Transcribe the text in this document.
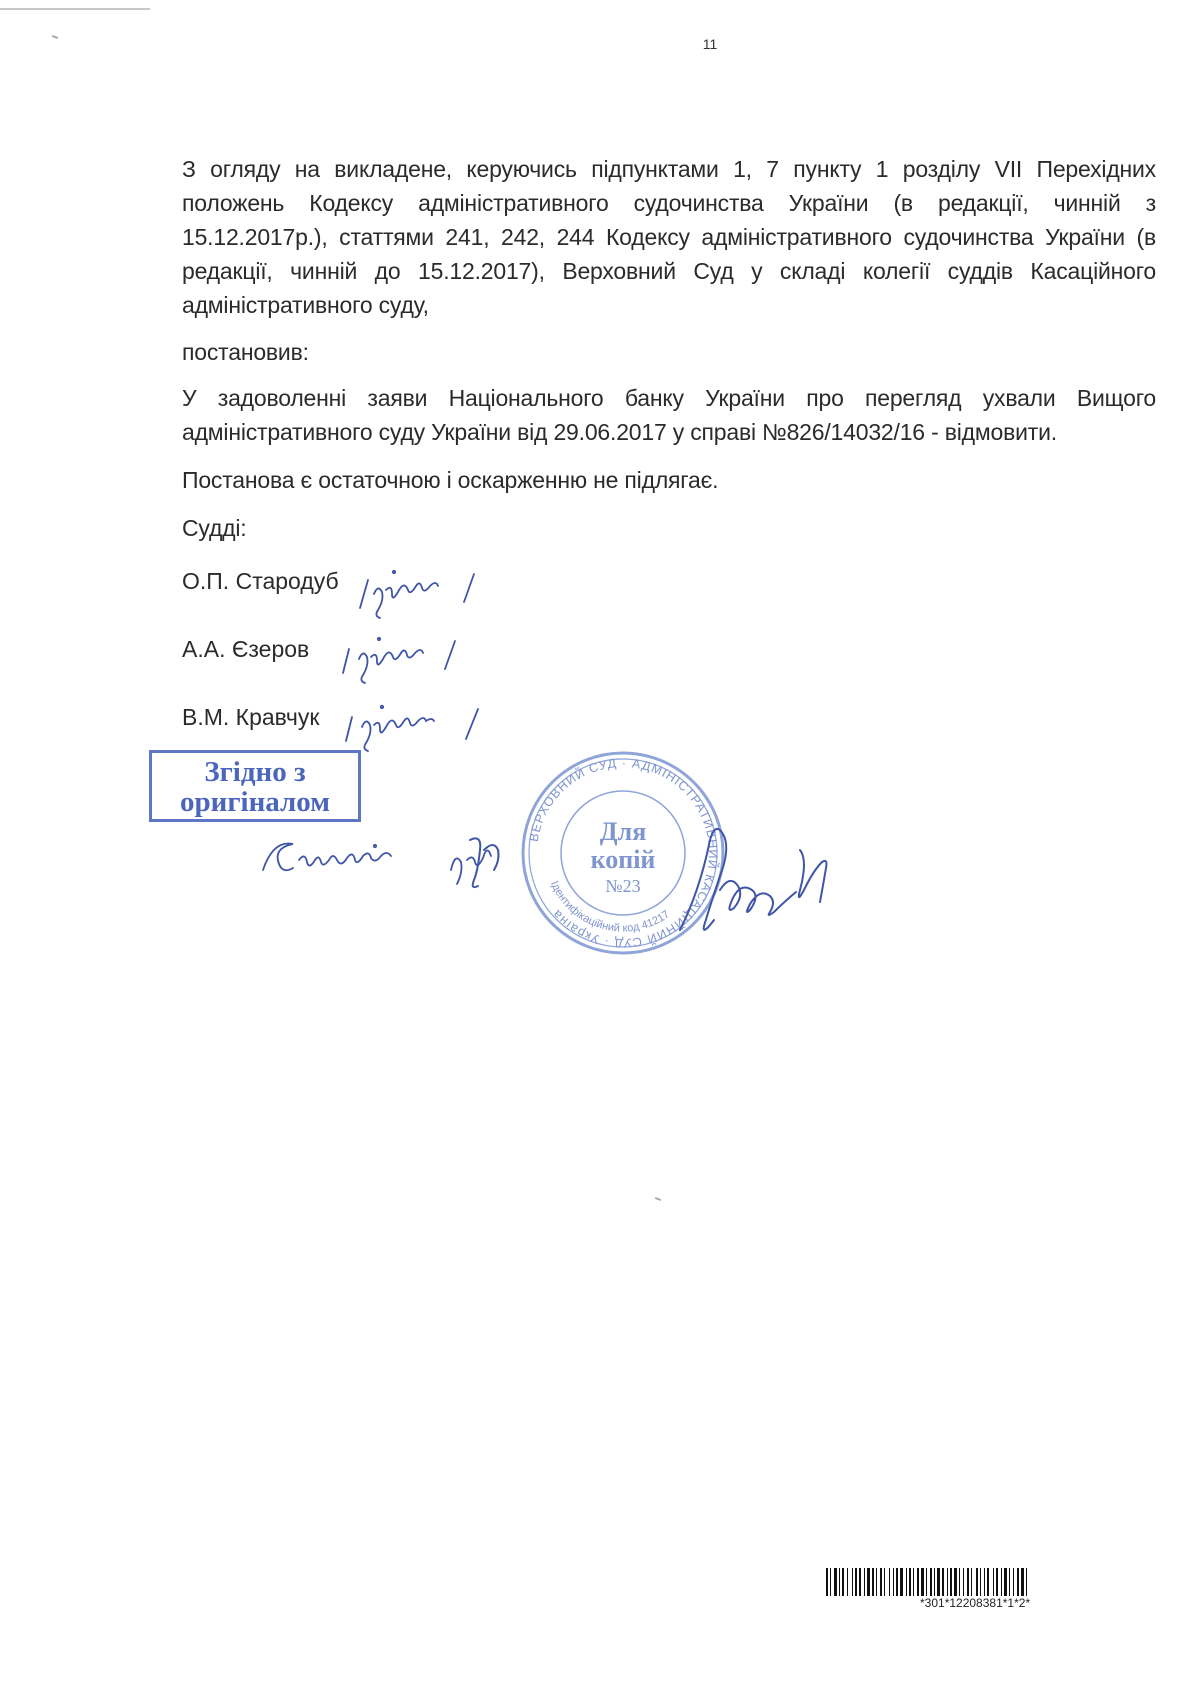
11
З огляду на викладене, керуючись підпунктами 1, 7 пункту 1 розділу VII Перехідних положень Кодексу адміністративного судочинства України (в редакції, чинній з 15.12.2017р.), статтями 241, 242, 244 Кодексу адміністративного судочинства України (в редакції, чинній до 15.12.2017), Верховний Суд у складі колегії суддів Касаційного адміністративного суду,
постановив:
У задоволенні заяви Національного банку України про перегляд ухвали Вищого адміністративного суду України від 29.06.2017 у справі №826/14032/16 - відмовити.
Постанова є остаточною і оскарженню не підлягає.
Судді:
О.П. Стародуб
А.А. Єзеров
В.М. Кравчук
Згідно з
оригіналом
ВЕРХОВНИЙ СУД · АДМІНІСТРАТИВНИЙ КАСАЦІЙНИЙ СУД · Україна
Ідентифікаційний код 41217
Для
копій
№23
*301*12208381*1*2*
